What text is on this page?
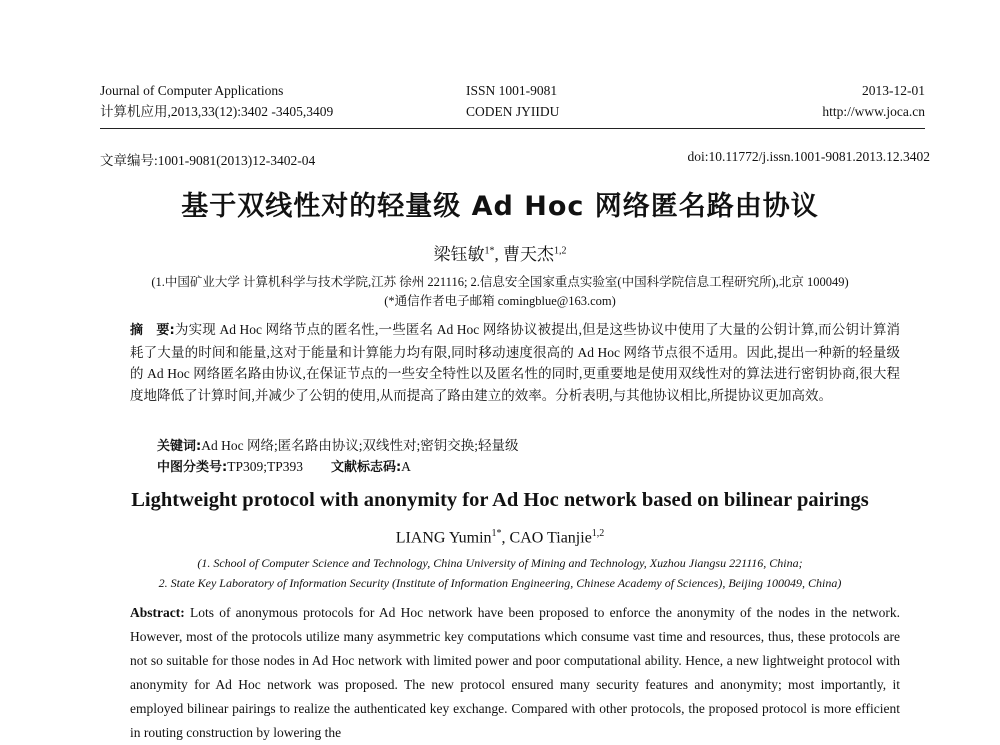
Journal of Computer Applications
计算机应用,2013,33(12):3402 -3405,3409
ISSN 1001-9081
CODEN JYIIDU
2013-12-01
http://www.joca.cn
文章编号:1001-9081(2013)12-3402-04	doi:10.11772/j.issn.1001-9081.2013.12.3402
基于双线性对的轻量级 Ad Hoc 网络匿名路由协议
梁钰敏$^{1*}$, 曹天杰$^{1,2}$
(1.中国矿业大学 计算机科学与技术学院,江苏 徐州 221116; 2.信息安全国家重点实验室(中国科学院信息工程研究所),北京 100049)
(*通信作者电子邮箱 comingblue@163.com)

摘　要:为实现 Ad Hoc 网络节点的匿名性,一些匿名 Ad Hoc 网络协议被提出,但是这些协议中使用了大量的公钥计算,而公钥计算消耗了大量的时间和能量,这对于能量和计算能力均有限,同时移动速度很高的 Ad Hoc 网络节点很不适用。因此,提出一种新的轻量级的 Ad Hoc 网络匿名路由协议,在保证节点的一些安全特性以及匿名性的同时,更重要地是使用双线性对的算法进行密钥协商,很大程度地降低了计算时间,并减少了公钥的使用,从而提高了路由建立的效率。分析表明,与其他协议相比,所提协议更加高效。

关键词:Ad Hoc 网络;匿名路由协议;双线性对;密钥交换;轻量级
中图分类号:TP309;TP393 文献标志码:A
Lightweight protocol with anonymity for Ad Hoc network based on bilinear pairings
LIANG Yumin$^{1*}$, CAO Tianjie$^{1,2}$
(1. School of Computer Science and Technology, China University of Mining and Technology, Xuzhou Jiangsu 221116, China;
2. State Key Laboratory of Information Security (Institute of Information Engineering, Chinese Academy of Sciences), Beijing 100049, China)
Abstract: Lots of anonymous protocols for Ad Hoc network have been proposed to enforce the anonymity of the nodes in the network. However, most of the protocols utilize many asymmetric key computations which consume vast time and resources, thus, these protocols are not so suitable for those nodes in Ad Hoc network with limited power and poor computational ability. Hence, a new lightweight protocol with anonymity for Ad Hoc network was proposed. The new protocol ensured many security features and anonymity; most importantly, it employed bilinear pairings to realize the authenticated key exchange. Compared with other protocols, the proposed protocol is more efficient in routing construction by lowering the
